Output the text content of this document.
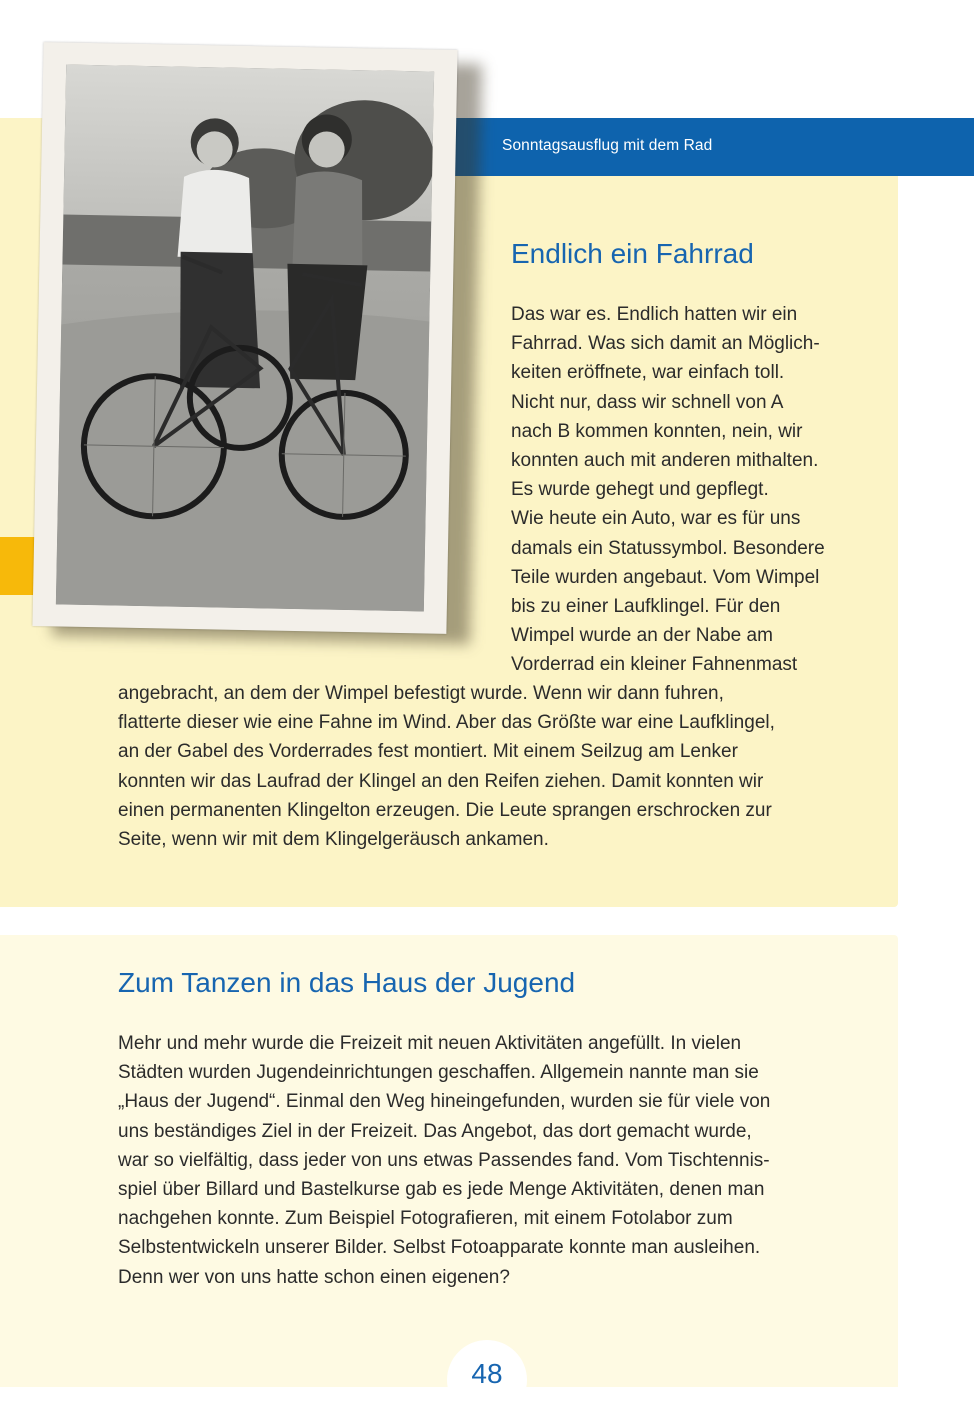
Sonntagsausflug mit dem Rad
Endlich ein Fahrrad

Das war es. Endlich hatten wir ein
Fahrrad. Was sich damit an Möglich-
keiten eröffnete, war einfach toll.
Nicht nur, dass wir schnell von A
nach B kommen konnten, nein, wir
konnten auch mit anderen mithalten.
Es wurde gehegt und gepflegt.
Wie heute ein Auto, war es für uns
damals ein Statussymbol. Besondere
Teile wurden angebaut. Vom Wimpel
bis zu einer Laufklingel. Für den
Wimpel wurde an der Nabe am
Vorderrad ein kleiner Fahnenmast

angebracht, an dem der Wimpel befestigt wurde. Wenn wir dann fuhren,
flatterte dieser wie eine Fahne im Wind. Aber das Größte war eine Laufklingel,
an der Gabel des Vorderrades fest montiert. Mit einem Seilzug am Lenker
konnten wir das Laufrad der Klingel an den Reifen ziehen. Damit konnten wir
einen permanenten Klingelton erzeugen. Die Leute sprangen erschrocken zur
Seite, wenn wir mit dem Klingelgeräusch ankamen.

Zum Tanzen in das Haus der Jugend

Mehr und mehr wurde die Freizeit mit neuen Aktivitäten angefüllt. In vielen
Städten wurden Jugendeinrichtungen geschaffen. Allgemein nannte man sie
„Haus der Jugend“. Einmal den Weg hineingefunden, wurden sie für viele von
uns beständiges Ziel in der Freizeit. Das Angebot, das dort gemacht wurde,
war so vielfältig, dass jeder von uns etwas Passendes fand. Vom Tischtennis-
spiel über Billard und Bastelkurse gab es jede Menge Aktivitäten, denen man
nachgehen konnte. Zum Beispiel Fotografieren, mit einem Fotolabor zum
Selbstentwickeln unserer Bilder. Selbst Fotoapparate konnte man ausleihen.
Denn wer von uns hatte schon einen eigenen?

48
